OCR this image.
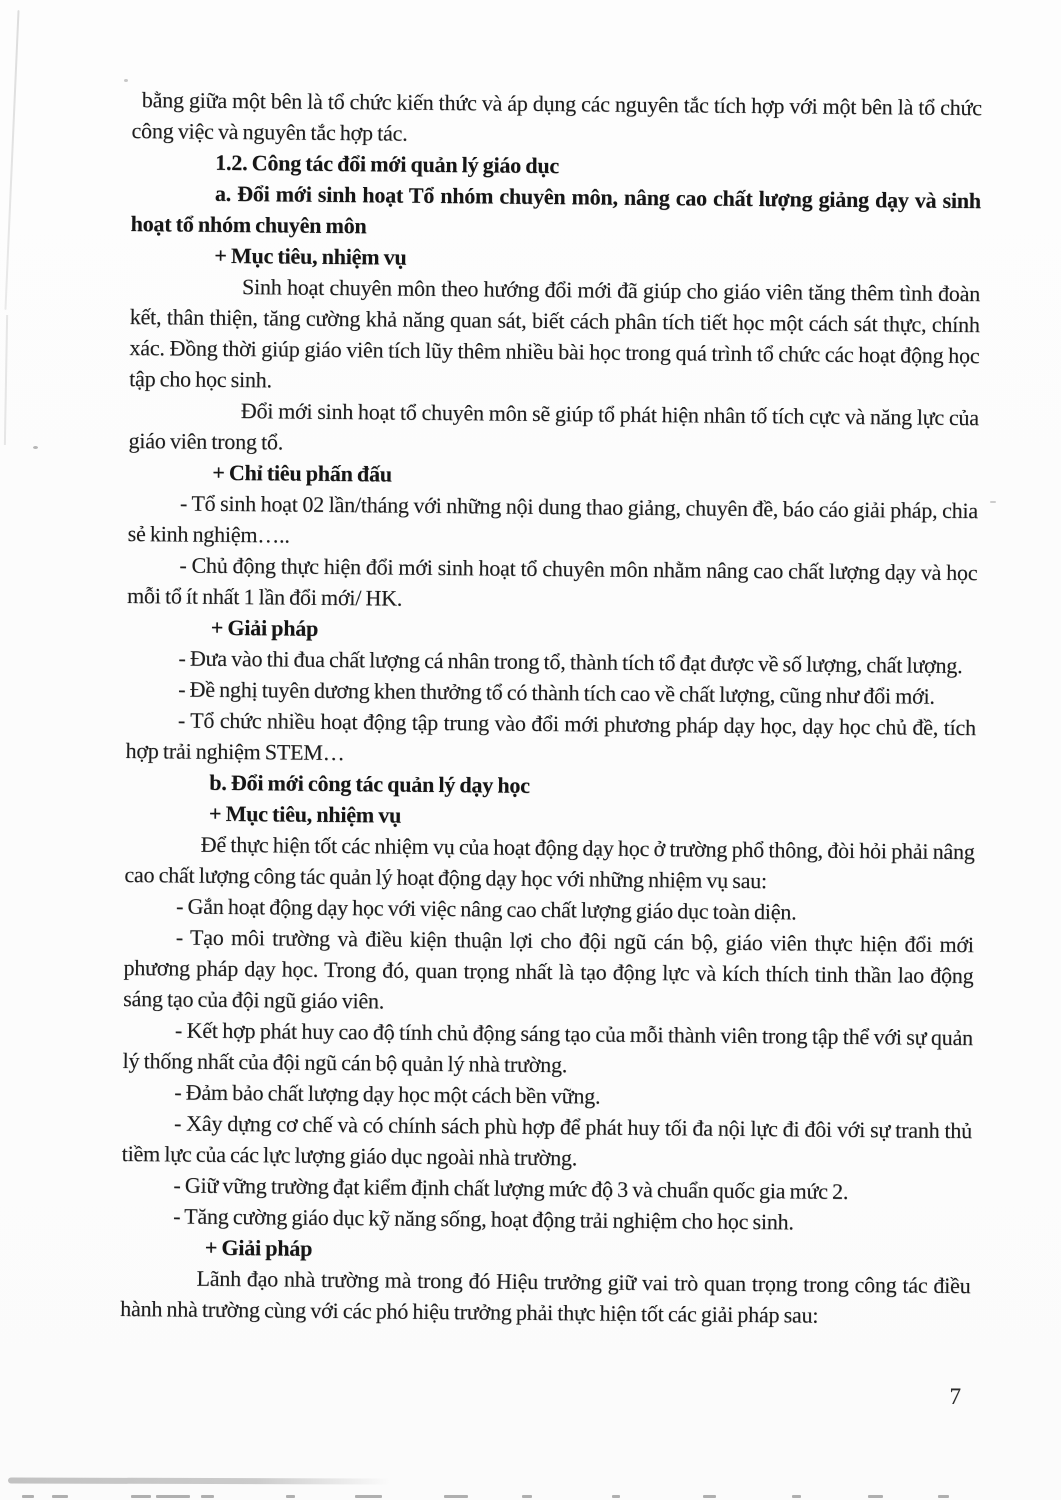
bằng giữa một bên là tổ chức kiến thức và áp dụng các nguyên tắc tích hợp với một bên là tổ chức công việc và nguyên tắc hợp tác.

1.2. Công tác đổi mới quản lý giáo dục

a. Đổi mới sinh hoạt Tổ nhóm chuyên môn, nâng cao chất lượng giảng dạy và sinh hoạt tổ nhóm chuyên môn

+ Mục tiêu, nhiệm vụ

Sinh hoạt chuyên môn theo hướng đổi mới đã giúp cho giáo viên tăng thêm tình đoàn kết, thân thiện, tăng cường khả năng quan sát, biết cách phân tích tiết học một cách sát thực, chính xác. Đồng thời giúp giáo viên tích lũy thêm nhiều bài học trong quá trình tổ chức các hoạt động học tập cho học sinh.

Đổi mới sinh hoạt tổ chuyên môn sẽ giúp tổ phát hiện nhân tố tích cực và năng lực của giáo viên trong tổ.

+ Chỉ tiêu phấn đấu

- Tổ sinh hoạt 02 lần/tháng với những nội dung thao giảng, chuyên đề, báo cáo giải pháp, chia sẻ kinh nghiệm…..

- Chủ động thực hiện đổi mới sinh hoạt tổ chuyên môn nhằm nâng cao chất lượng dạy và học mỗi tổ ít nhất 1 lần đổi mới/ HK.

+ Giải pháp

- Đưa vào thi đua chất lượng cá nhân trong tổ, thành tích tổ đạt được về số lượng, chất lượng.

- Đề nghị tuyên dương khen thưởng tổ có thành tích cao về chất lượng, cũng như đổi mới.

- Tổ chức nhiều hoạt động tập trung vào đổi mới phương pháp dạy học, dạy học chủ đề, tích hợp trải nghiệm STEM…

b. Đổi mới công tác quản lý dạy học

+ Mục tiêu, nhiệm vụ

Để thực hiện tốt các nhiệm vụ của hoạt động dạy học ở trường phổ thông, đòi hỏi phải nâng cao chất lượng công tác quản lý hoạt động dạy học với những nhiệm vụ sau:

- Gắn hoạt động dạy học với việc nâng cao chất lượng giáo dục toàn diện.

- Tạo môi trường và điều kiện thuận lợi cho đội ngũ cán bộ, giáo viên thực hiện đổi mới phương pháp dạy học. Trong đó, quan trọng nhất là tạo động lực và kích thích tinh thần lao động sáng tạo của đội ngũ giáo viên.

- Kết hợp phát huy cao độ tính chủ động sáng tạo của mỗi thành viên trong tập thể với sự quản lý thống nhất của đội ngũ cán bộ quản lý nhà trường.

- Đảm bảo chất lượng dạy học một cách bền vững.

- Xây dựng cơ chế và có chính sách phù hợp để phát huy tối đa nội lực đi đôi với sự tranh thủ tiềm lực của các lực lượng giáo dục ngoài nhà trường.

- Giữ vững trường đạt kiểm định chất lượng mức độ 3 và chuẩn quốc gia mức 2.

- Tăng cường giáo dục kỹ năng sống, hoạt động trải nghiệm cho học sinh.

+ Giải pháp

Lãnh đạo nhà trường mà trong đó Hiệu trưởng giữ vai trò quan trọng trong công tác điều hành nhà trường cùng với các phó hiệu trưởng phải thực hiện tốt các giải pháp sau:

7
